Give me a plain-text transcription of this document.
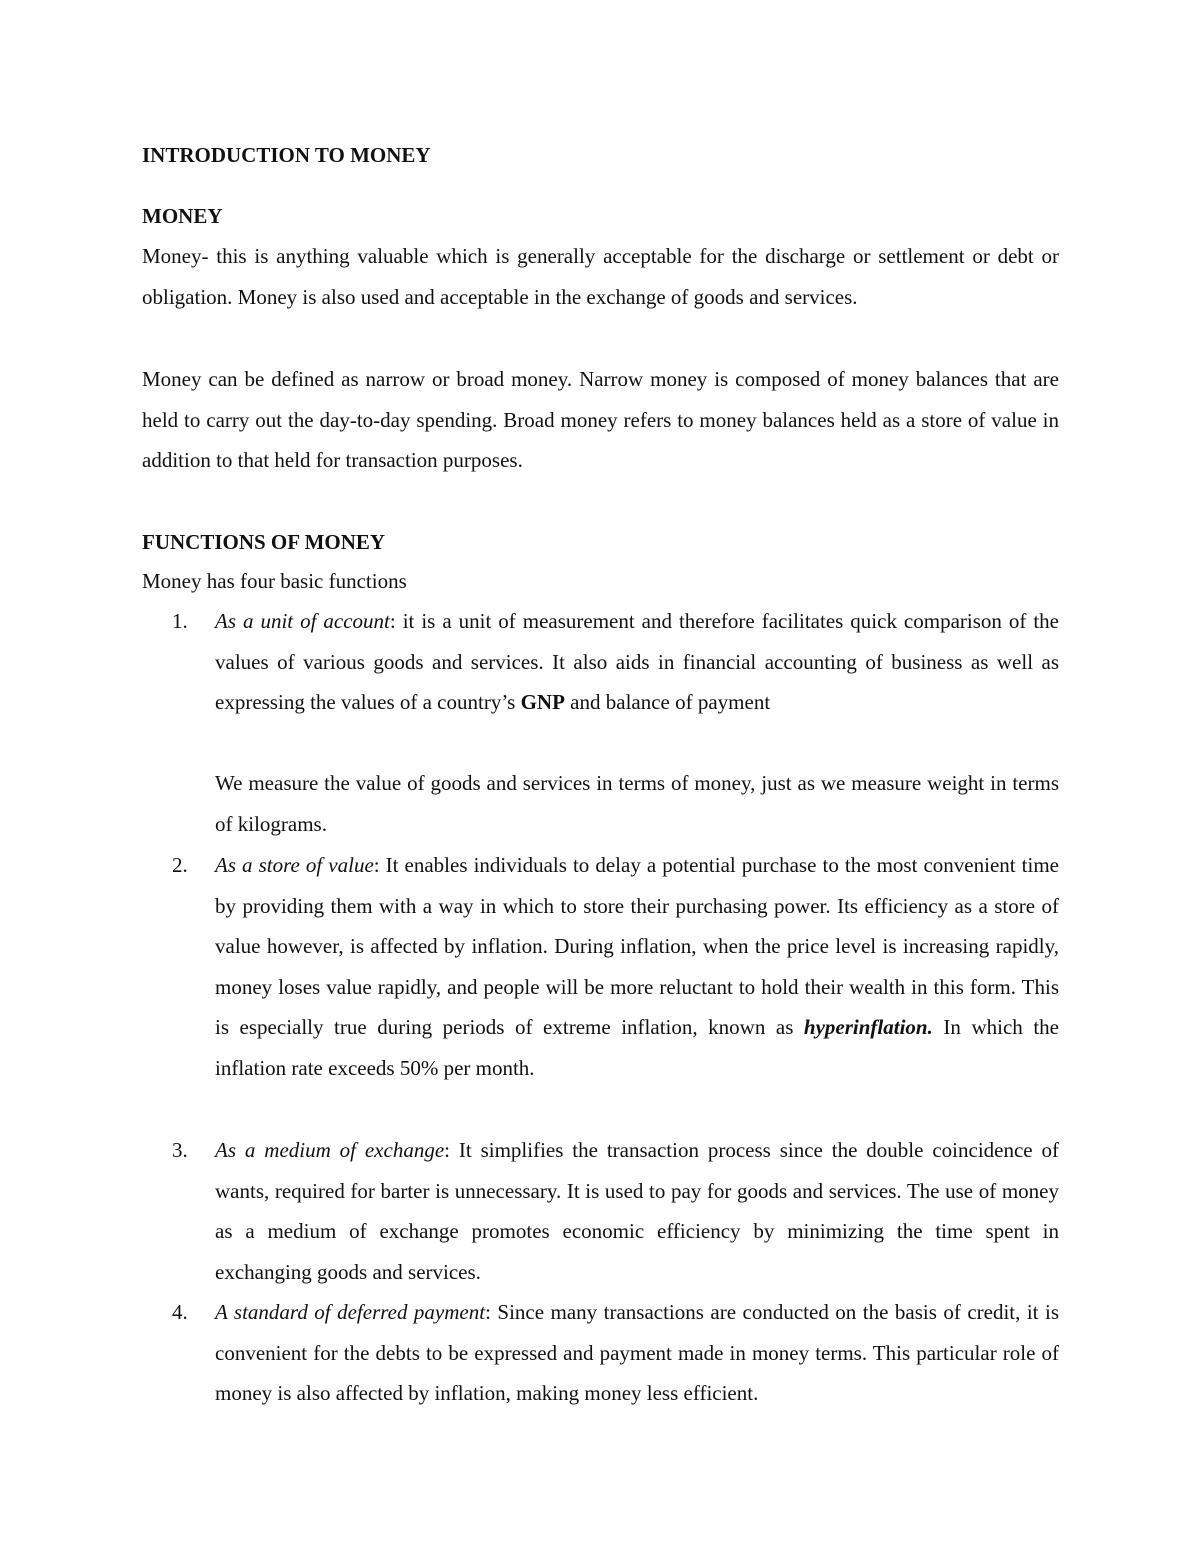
INTRODUCTION TO MONEY
MONEY

Money- this is anything valuable which is generally acceptable for the discharge or settlement or debt or obligation. Money is also used and acceptable in the exchange of goods and services.

Money can be defined as narrow or broad money. Narrow money is composed of money balances that are held to carry out the day-to-day spending. Broad money refers to money balances held as a store of value in addition to that held for transaction purposes.

FUNCTIONS OF MONEY

Money has four basic functions

1. As a unit of account: it is a unit of measurement and therefore facilitates quick comparison of the values of various goods and services. It also aids in financial accounting of business as well as expressing the values of a country’s GNP and balance of payment

We measure the value of goods and services in terms of money, just as we measure weight in terms of kilograms.

2. As a store of value: It enables individuals to delay a potential purchase to the most convenient time by providing them with a way in which to store their purchasing power. Its efficiency as a store of value however, is affected by inflation. During inflation, when the price level is increasing rapidly, money loses value rapidly, and people will be more reluctant to hold their wealth in this form. This is especially true during periods of extreme inflation, known as hyperinflation. In which the inflation rate exceeds 50% per month.

3. As a medium of exchange: It simplifies the transaction process since the double coincidence of wants, required for barter is unnecessary. It is used to pay for goods and services. The use of money as a medium of exchange promotes economic efficiency by minimizing the time spent in exchanging goods and services.

4. A standard of deferred payment: Since many transactions are conducted on the basis of credit, it is convenient for the debts to be expressed and payment made in money terms. This particular role of money is also affected by inflation, making money less efficient.
